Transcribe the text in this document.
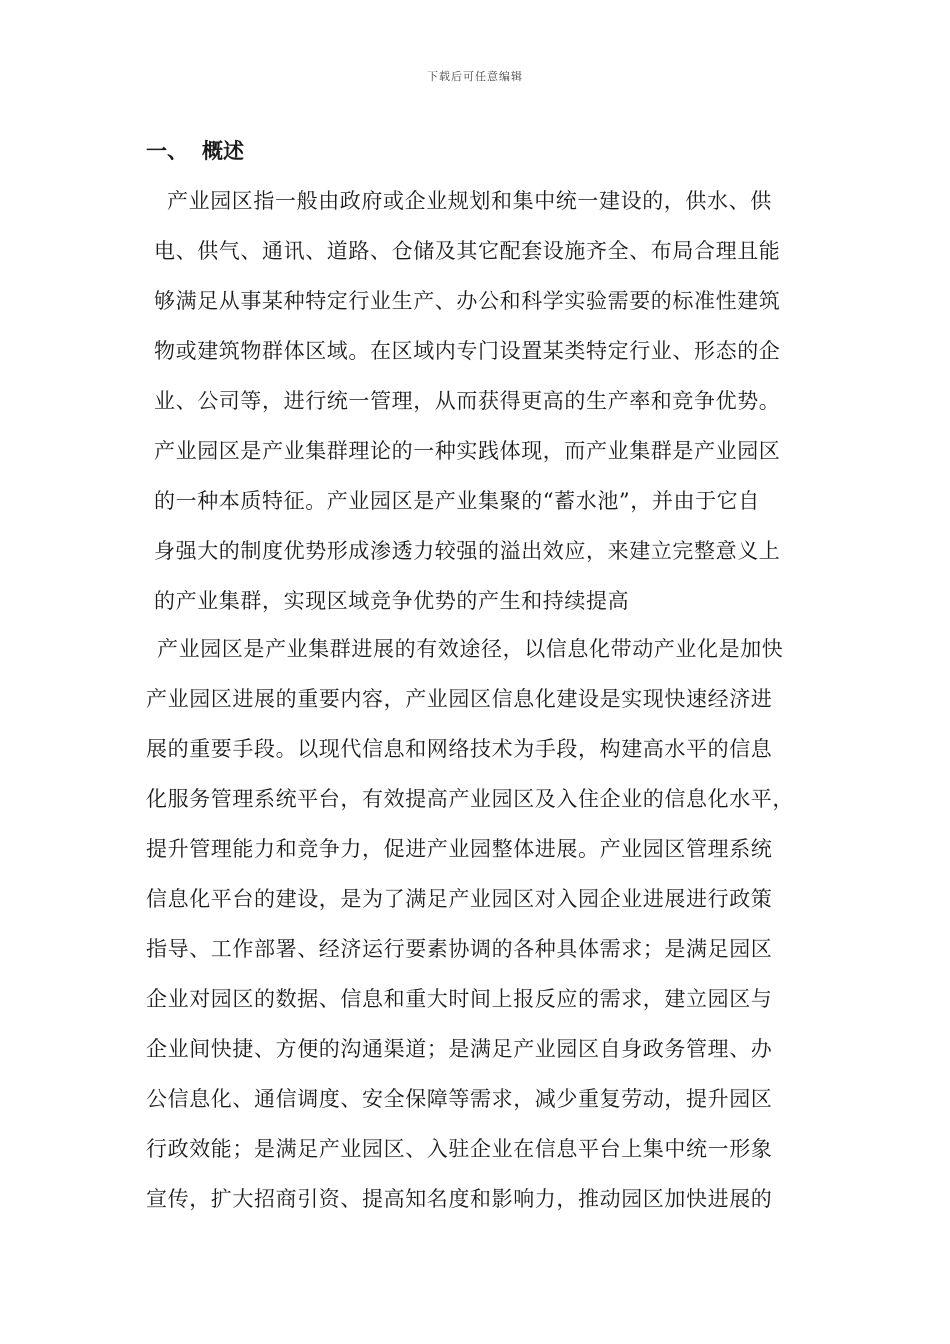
下载后可任意编辑
一、 概述
产业园区指一般由政府或企业规划和集中统一建设的，供水、供
电、供气、通讯、道路、仓储及其它配套设施齐全、布局合理且能
够满足从事某种特定行业生产、办公和科学实验需要的标准性建筑
物或建筑物群体区域。在区域内专门设置某类特定行业、形态的企
业、公司等，进行统一管理，从而获得更高的生产率和竞争优势。
产业园区是产业集群理论的一种实践体现，而产业集群是产业园区
的一种本质特征。产业园区是产业集聚的“蓄水池”，并由于它自
身强大的制度优势形成渗透力较强的溢出效应，来建立完整意义上
的产业集群，实现区域竞争优势的产生和持续提高
产业园区是产业集群进展的有效途径，以信息化带动产业化是加快
产业园区进展的重要内容，产业园区信息化建设是实现快速经济进
展的重要手段。以现代信息和网络技术为手段，构建高水平的信息
化服务管理系统平台，有效提高产业园区及入住企业的信息化水平，
提升管理能力和竞争力，促进产业园整体进展。产业园区管理系统
信息化平台的建设，是为了满足产业园区对入园企业进展进行政策
指导、工作部署、经济运行要素协调的各种具体需求；是满足园区
企业对园区的数据、信息和重大时间上报反应的需求，建立园区与
企业间快捷、方便的沟通渠道；是满足产业园区自身政务管理、办
公信息化、通信调度、安全保障等需求，减少重复劳动，提升园区
行政效能；是满足产业园区、入驻企业在信息平台上集中统一形象
宣传，扩大招商引资、提高知名度和影响力，推动园区加快进展的
